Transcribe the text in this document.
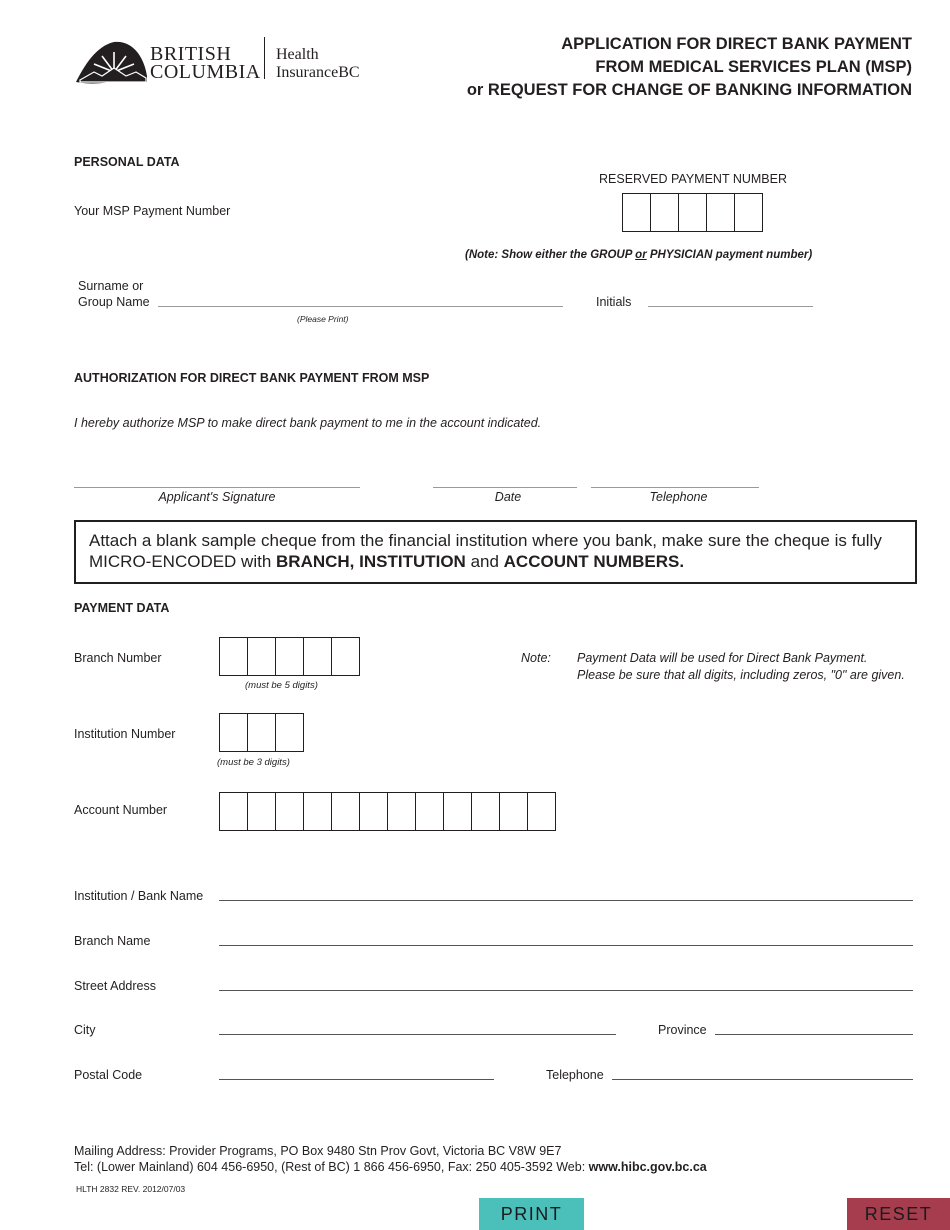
BRITISH
COLUMBIA
Health
InsuranceBC
APPLICATION FOR DIRECT BANK PAYMENT
FROM MEDICAL SERVICES PLAN (MSP)
or REQUEST FOR CHANGE OF BANKING INFORMATION
PERSONAL DATA
RESERVED PAYMENT NUMBER
Your MSP Payment Number
(Note: Show either the GROUP or PHYSICIAN payment number)
Surname or
Group Name
(Please Print)
Initials
AUTHORIZATION FOR DIRECT BANK PAYMENT FROM MSP
I hereby authorize MSP to make direct bank payment to me in the account indicated.
Applicant's Signature	Date	Telephone
Attach a blank sample cheque from the financial institution where you bank, make sure the cheque is fully MICRO-ENCODED with BRANCH, INSTITUTION and ACCOUNT NUMBERS.
PAYMENT DATA
Branch Number
(must be 5 digits)
Note: Payment Data will be used for Direct Bank Payment.
Please be sure that all digits, including zeros, "0" are given.
Institution Number
(must be 3 digits)
Account Number
Institution / Bank Name
Branch Name
Street Address
City	Province
Postal Code	Telephone
Mailing Address: Provider Programs, PO Box 9480 Stn Prov Govt, Victoria BC V8W 9E7
Tel: (Lower Mainland) 604 456-6950, (Rest of BC) 1 866 456-6950, Fax: 250 405-3592 Web: www.hibc.gov.bc.ca
HLTH 2832 REV. 2012/07/03
PRINT	RESET
